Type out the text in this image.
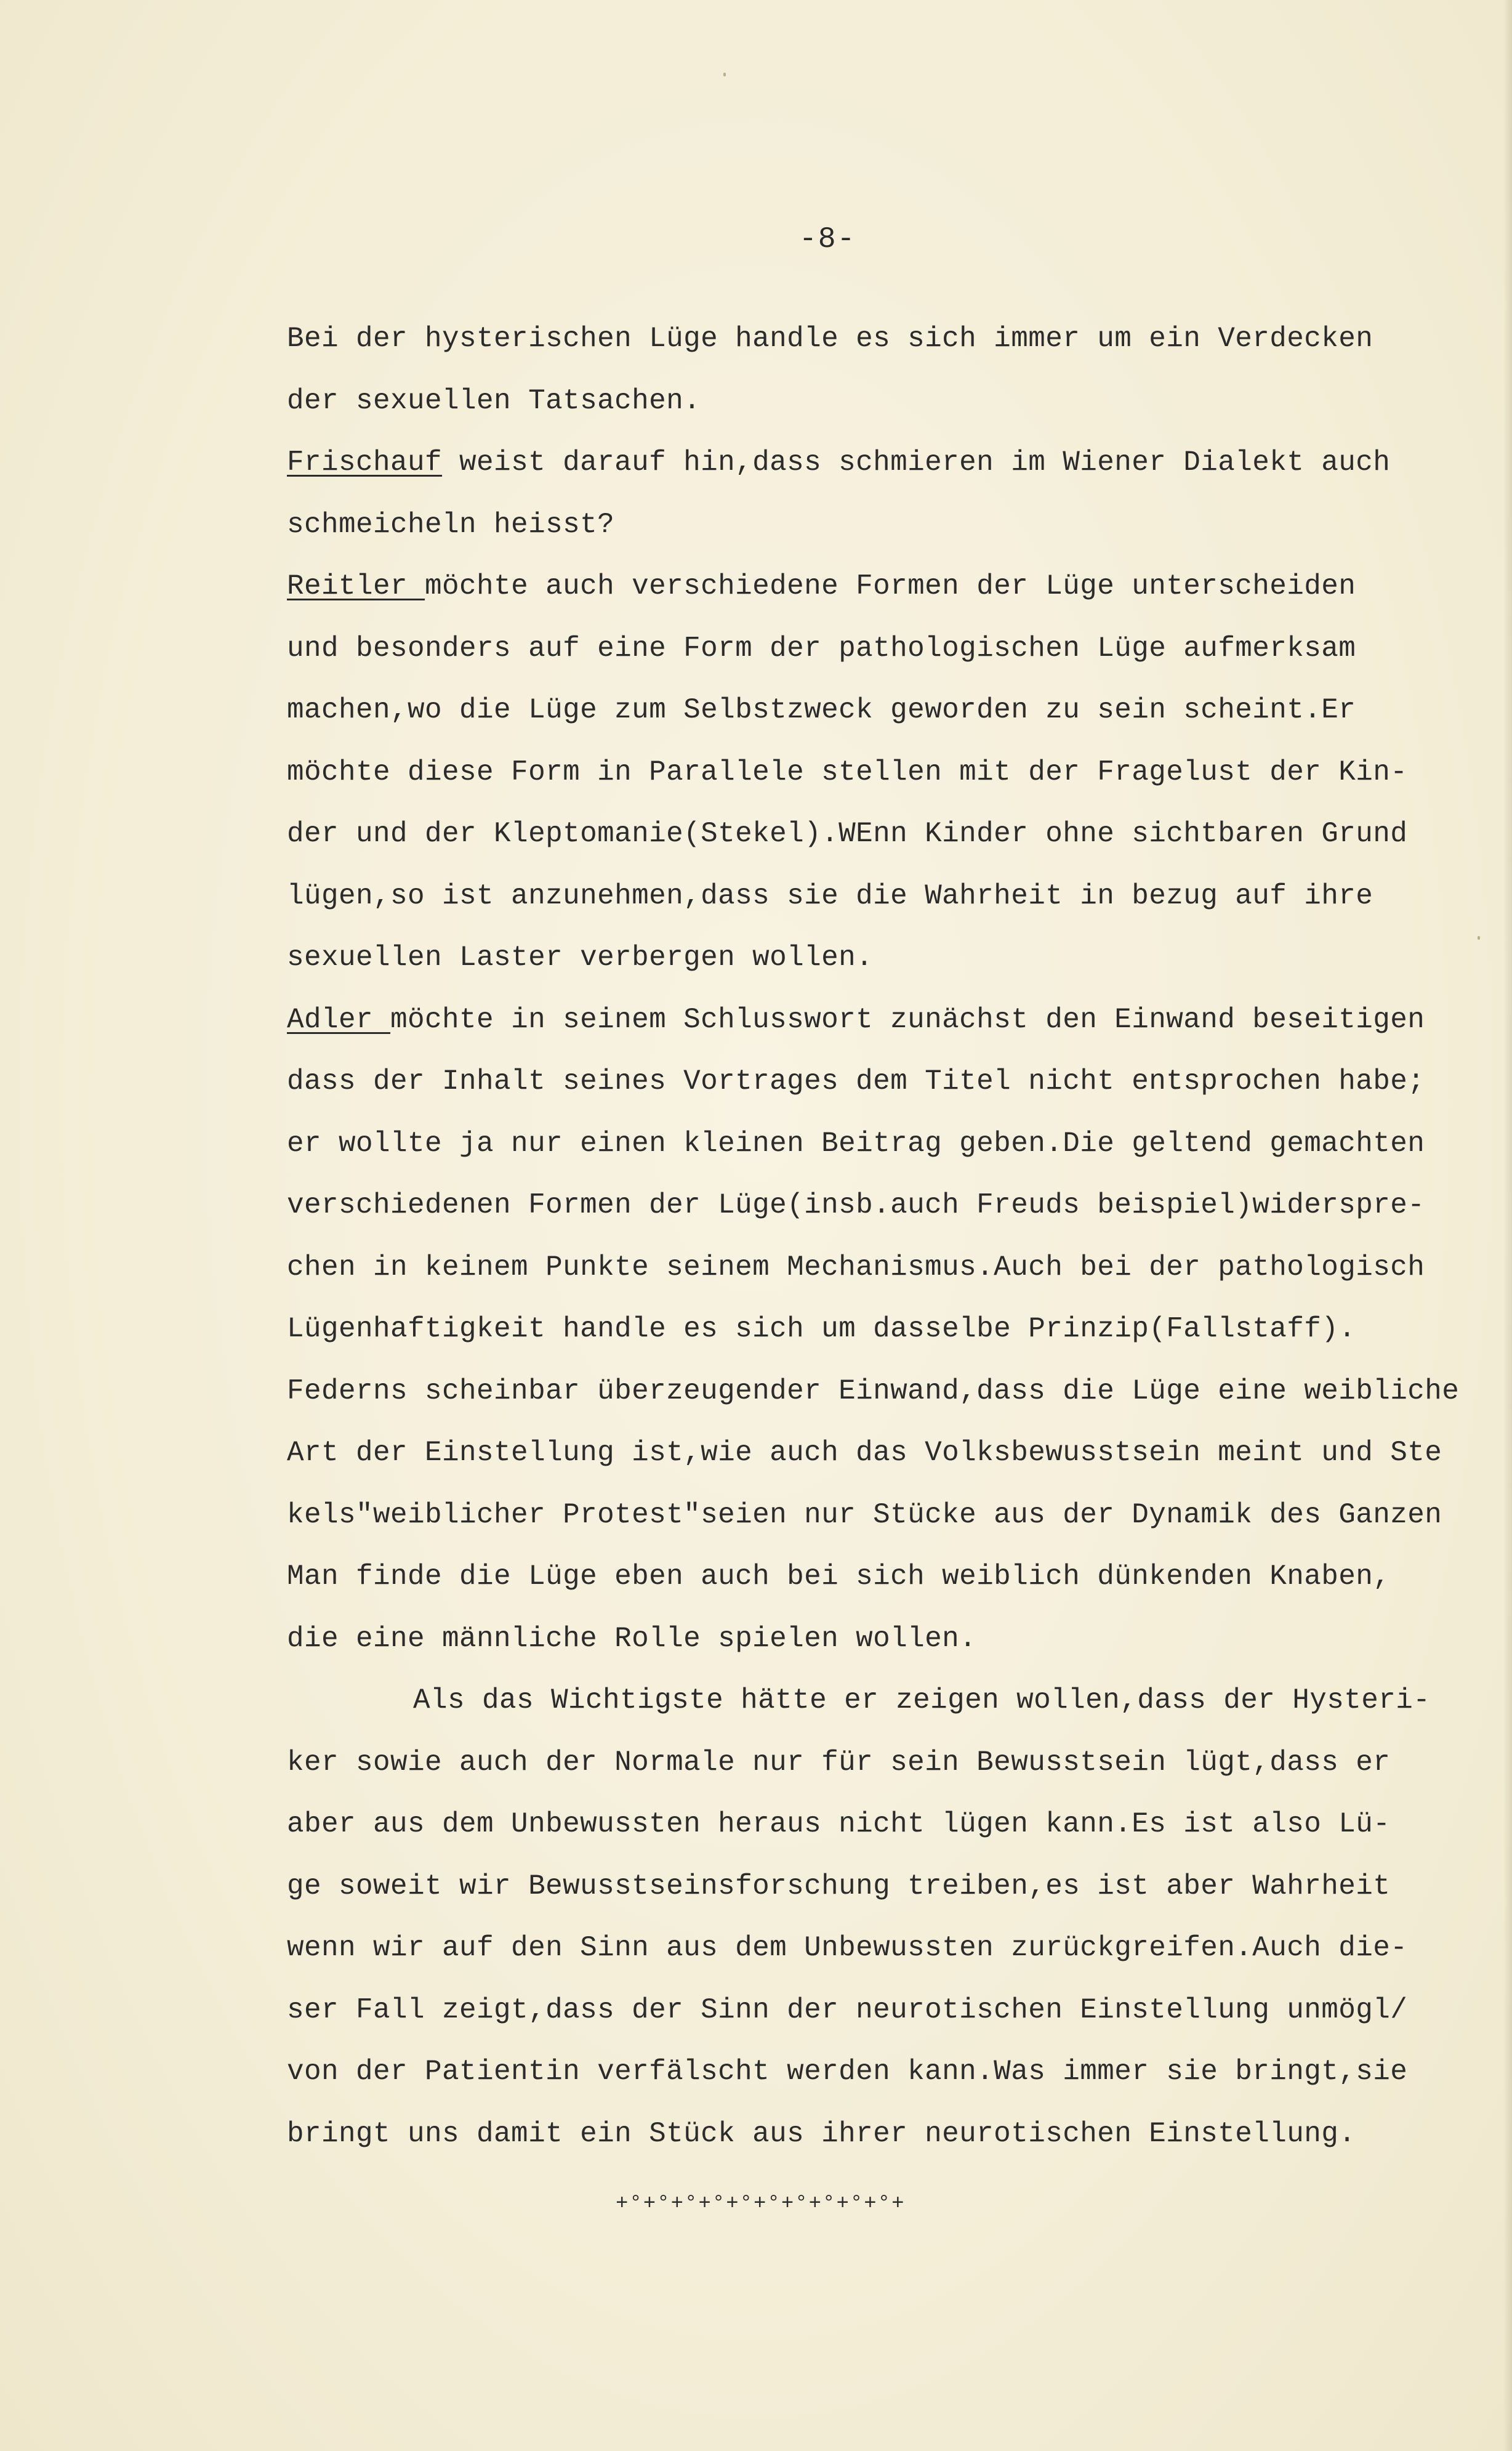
-8-
Bei der hysterischen Lüge handle es sich immer um ein Verdecken
der sexuellen Tatsachen.
Frischauf weist darauf hin,dass schmieren im Wiener Dialekt auch
schmeicheln heisst?
Reitler möchte auch verschiedene Formen der Lüge unterscheiden
und besonders auf eine Form der pathologischen Lüge aufmerksam
machen,wo die Lüge zum Selbstzweck geworden zu sein scheint.Er
möchte diese Form in Parallele stellen mit der Fragelust der Kin-
der und der Kleptomanie(Stekel).WEnn Kinder ohne sichtbaren Grund
lügen,so ist anzunehmen,dass sie die Wahrheit in bezug auf ihre
sexuellen Laster verbergen wollen.
Adler möchte in seinem Schlusswort zunächst den Einwand beseitigen
dass der Inhalt seines Vortrages dem Titel nicht entsprochen habe;
er wollte ja nur einen kleinen Beitrag geben.Die geltend gemachten
verschiedenen Formen der Lüge(insb.auch Freuds beispiel)widerspre-
chen in keinem Punkte seinem Mechanismus.Auch bei der pathologisch
Lügenhaftigkeit handle es sich um dasselbe Prinzip(Fallstaff).
Federns scheinbar überzeugender Einwand,dass die Lüge eine weibliche
Art der Einstellung ist,wie auch das Volksbewusstsein meint und Ste
kels"weiblicher Protest"seien nur Stücke aus der Dynamik des Ganzen
Man finde die Lüge eben auch bei sich weiblich dünkenden Knaben,
die eine männliche Rolle spielen wollen.
Als das Wichtigste hätte er zeigen wollen,dass der Hysteri-
ker sowie auch der Normale nur für sein Bewusstsein lügt,dass er
aber aus dem Unbewussten heraus nicht lügen kann.Es ist also Lü-
ge soweit wir Bewusstseinsforschung treiben,es ist aber Wahrheit
wenn wir auf den Sinn aus dem Unbewussten zurückgreifen.Auch die-
ser Fall zeigt,dass der Sinn der neurotischen Einstellung unmögl/
von der Patientin verfälscht werden kann.Was immer sie bringt,sie
bringt uns damit ein Stück aus ihrer neurotischen Einstellung.
+°+°+°+°+°+°+°+°+°+°+
